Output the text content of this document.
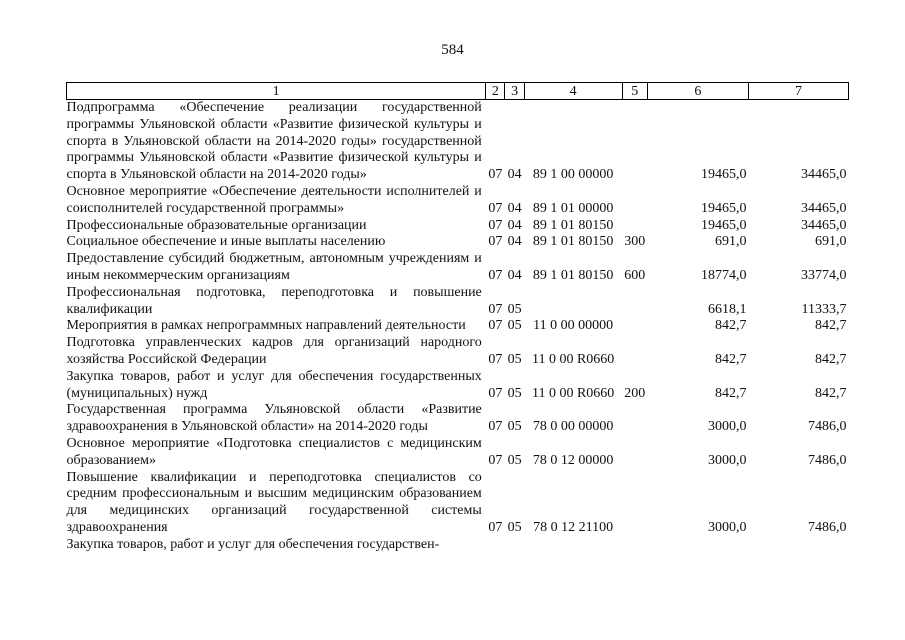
584
1	2	3	4	5	6	7
Подпрограмма «Обеспечение реализации государственной программы Ульяновской области «Развитие физической культуры и спорта в Ульяновской области на 2014-2020 годы» государственной программы Ульяновской области «Развитие физической культуры и спорта в Ульяновской области на 2014-2020 годы»	07	04	89 1 00 00000		19465,0	34465,0
Основное мероприятие «Обеспечение деятельности исполнителей и соисполнителей государственной программы»	07	04	89 1 01 00000		19465,0	34465,0
Профессиональные образовательные организации	07	04	89 1 01 80150		19465,0	34465,0
Социальное обеспечение и иные выплаты населению	07	04	89 1 01 80150	300	691,0	691,0
Предоставление субсидий бюджетным, автономным учреждениям и иным некоммерческим организациям	07	04	89 1 01 80150	600	18774,0	33774,0
Профессиональная подготовка, переподготовка и повышение квалификации	07	05			6618,1	11333,7
Мероприятия в рамках непрограммных направлений деятельности	07	05	11 0 00 00000		842,7	842,7
Подготовка управленческих кадров для организаций народного хозяйства Российской Федерации	07	05	11 0 00 R0660		842,7	842,7
Закупка товаров, работ и услуг для обеспечения государственных (муниципальных) нужд	07	05	11 0 00 R0660	200	842,7	842,7
Государственная программа Ульяновской области «Развитие здравоохранения в Ульяновской области» на 2014-2020 годы	07	05	78 0 00 00000		3000,0	7486,0
Основное мероприятие «Подготовка специалистов с медицинским образованием»	07	05	78 0 12 00000		3000,0	7486,0
Повышение квалификации и переподготовка специалистов со средним профессиональным и высшим медицинским образованием для медицинских организаций государственной системы здравоохранения	07	05	78 0 12 21100		3000,0	7486,0
Закупка товаров, работ и услуг для обеспечения государствен-						
